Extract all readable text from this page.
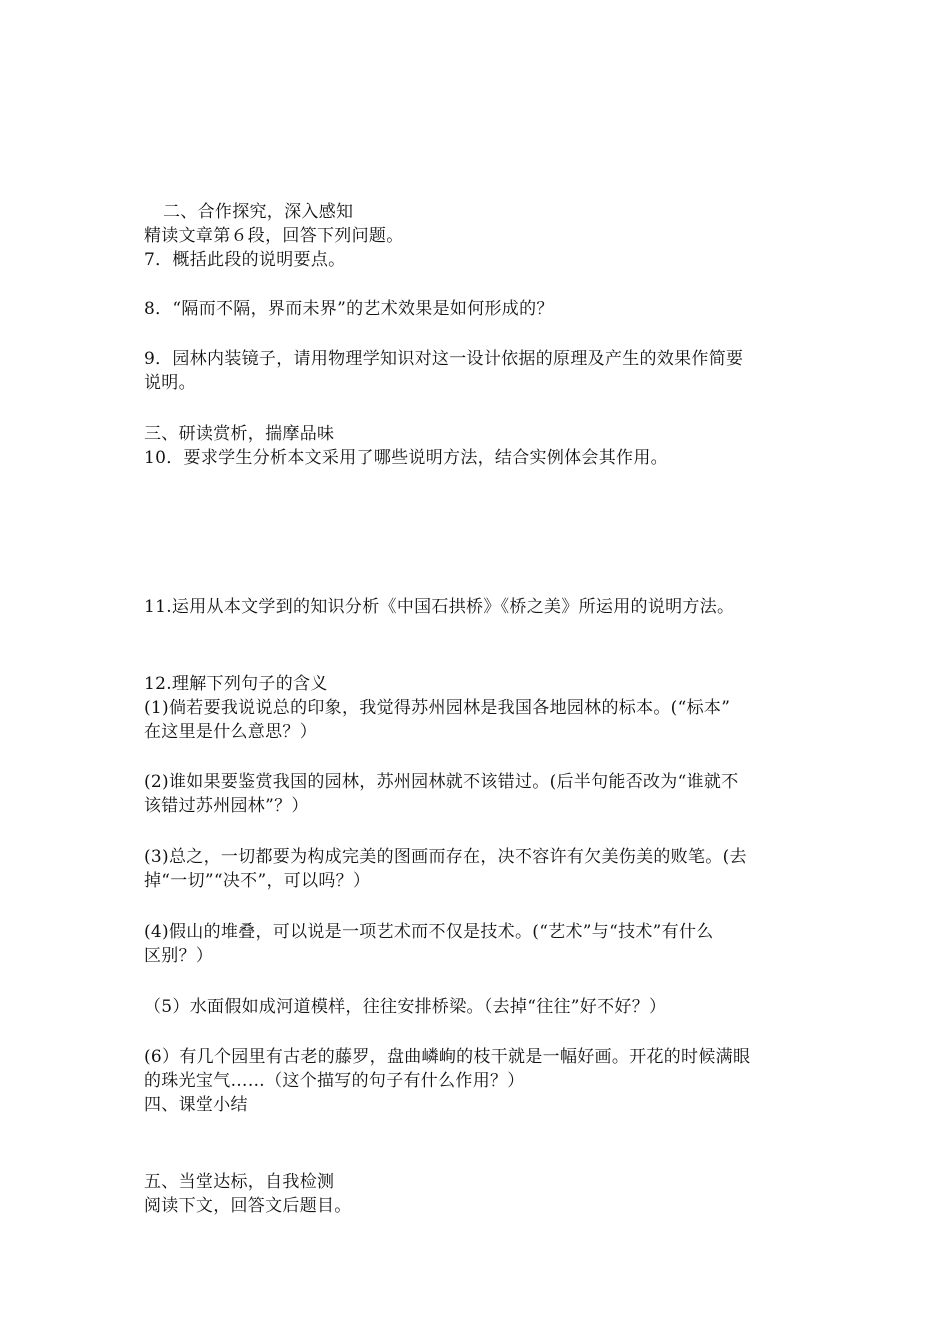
二、合作探究，深入感知
精读文章第６段，回答下列问题。
7．概括此段的说明要点。
8．“隔而不隔，界而未界”的艺术效果是如何形成的？
9．园林内装镜子，请用物理学知识对这一设计依据的原理及产生的效果作简要
说明。
三、研读赏析，揣摩品味
10．要求学生分析本文采用了哪些说明方法，结合实例体会其作用。
11.运用从本文学到的知识分析《中国石拱桥》《桥之美》所运用的说明方法。
12.理解下列句子的含义
(1)倘若要我说说总的印象，我觉得苏州园林是我国各地园林的标本。(“标本”
在这里是什么意思？）
(2)谁如果要鉴赏我国的园林，苏州园林就不该错过。(后半句能否改为“谁就不
该错过苏州园林”？）
(3)总之，一切都要为构成完美的图画而存在，决不容许有欠美伤美的败笔。(去
掉“一切”“决不”，可以吗？）
(4)假山的堆叠，可以说是一项艺术而不仅是技术。(“艺术”与“技术”有什么
区别？）
（5）水面假如成河道模样，往往安排桥梁。（去掉“往往”好不好？）
(6）有几个园里有古老的藤罗，盘曲嶙峋的枝干就是一幅好画。开花的时候满眼
的珠光宝气……（这个描写的句子有什么作用？）
四、课堂小结
五、当堂达标，自我检测
阅读下文，回答文后题目。
